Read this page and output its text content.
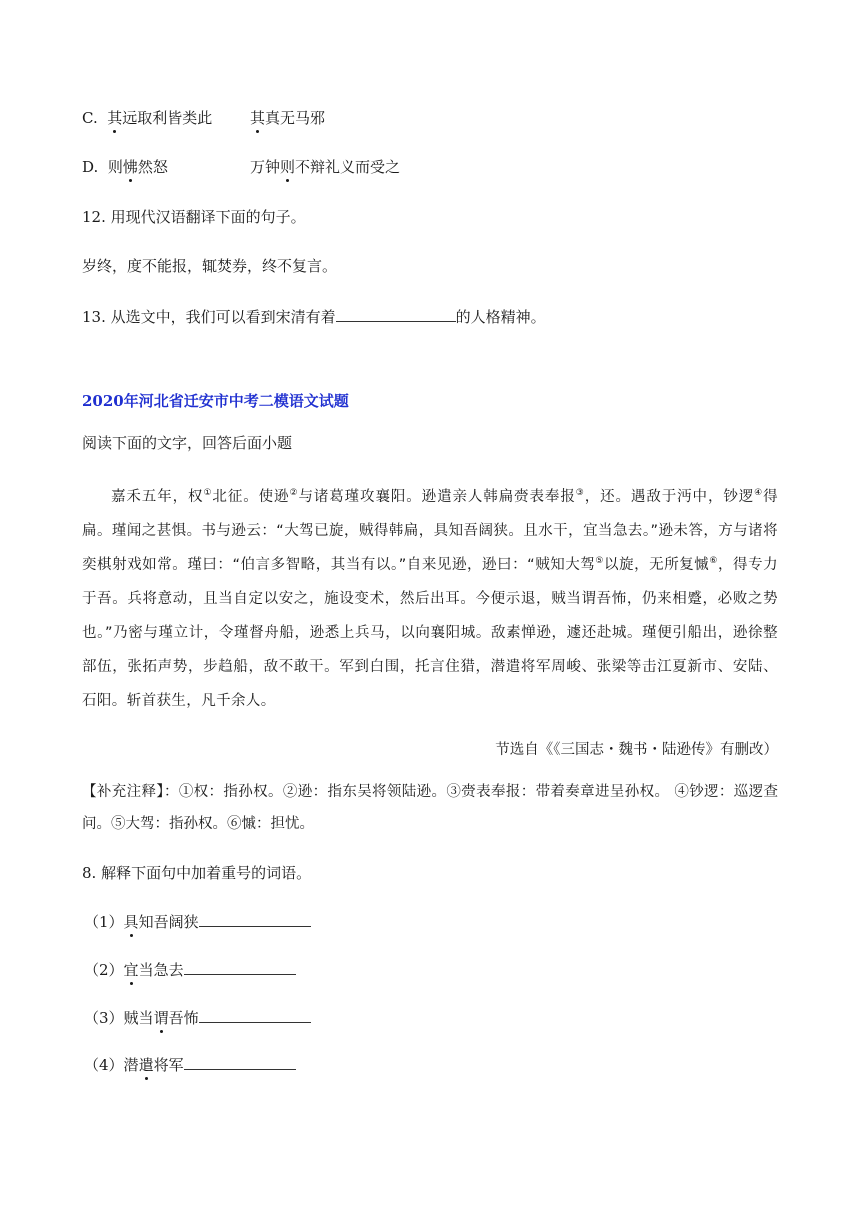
C. 其远取利皆类此	其真无马邪
D. 则怫然怒	万钟则不辩礼义而受之
12. 用现代汉语翻译下面的句子。
岁终，度不能报，辄焚券，终不复言。
13. 从选文中，我们可以看到宋清有着	的人格精神。
2020年河北省迁安市中考二模语文试题
阅读下面的文字，回答后面小题
嘉禾五年，权①北征。使逊②与诸葛瑾攻襄阳。逊遣亲人韩扁赍表奉报③，还。遇敌于沔中，钞逻④得扁。瑾闻之甚惧。书与逊云：“大驾已旋，贼得韩扁，具知吾阔狭。且水干，宜当急去。”逊未答，方与诸将奕棋射戏如常。瑾曰：“伯言多智略，其当有以。”自来见逊，逊曰：“贼知大驾⑤以旋，无所复慽⑥，得专力于吾。兵将意动，且当自定以安之，施设变术，然后出耳。今便示退，贼当谓吾怖，仍来相蹙，必败之势也。”乃密与瑾立计，令瑾督舟船，逊悉上兵马，以向襄阳城。敌素惮逊，遽还赴城。瑾便引船出，逊徐整部伍，张拓声势，步趋船，敌不敢干。军到白围，托言住猎，潜遣将军周峻、张梁等击江夏新市、安陆、石阳。斩首获生，凡千余人。
节选自《《三国志・魏书・陆逊传》有删改）
【补充注释】：①权：指孙权。②逊：指东吴将领陆逊。③赍表奉报：带着奏章进呈孙权。 ④钞逻：巡逻查问。⑤大驾：指孙权。⑥慽：担忧。
8. 解释下面句中加着重号的词语。
（1）具知吾阔狭
（2）宜当急去
（3）贼当谓吾怖
（4）潜遣将军
